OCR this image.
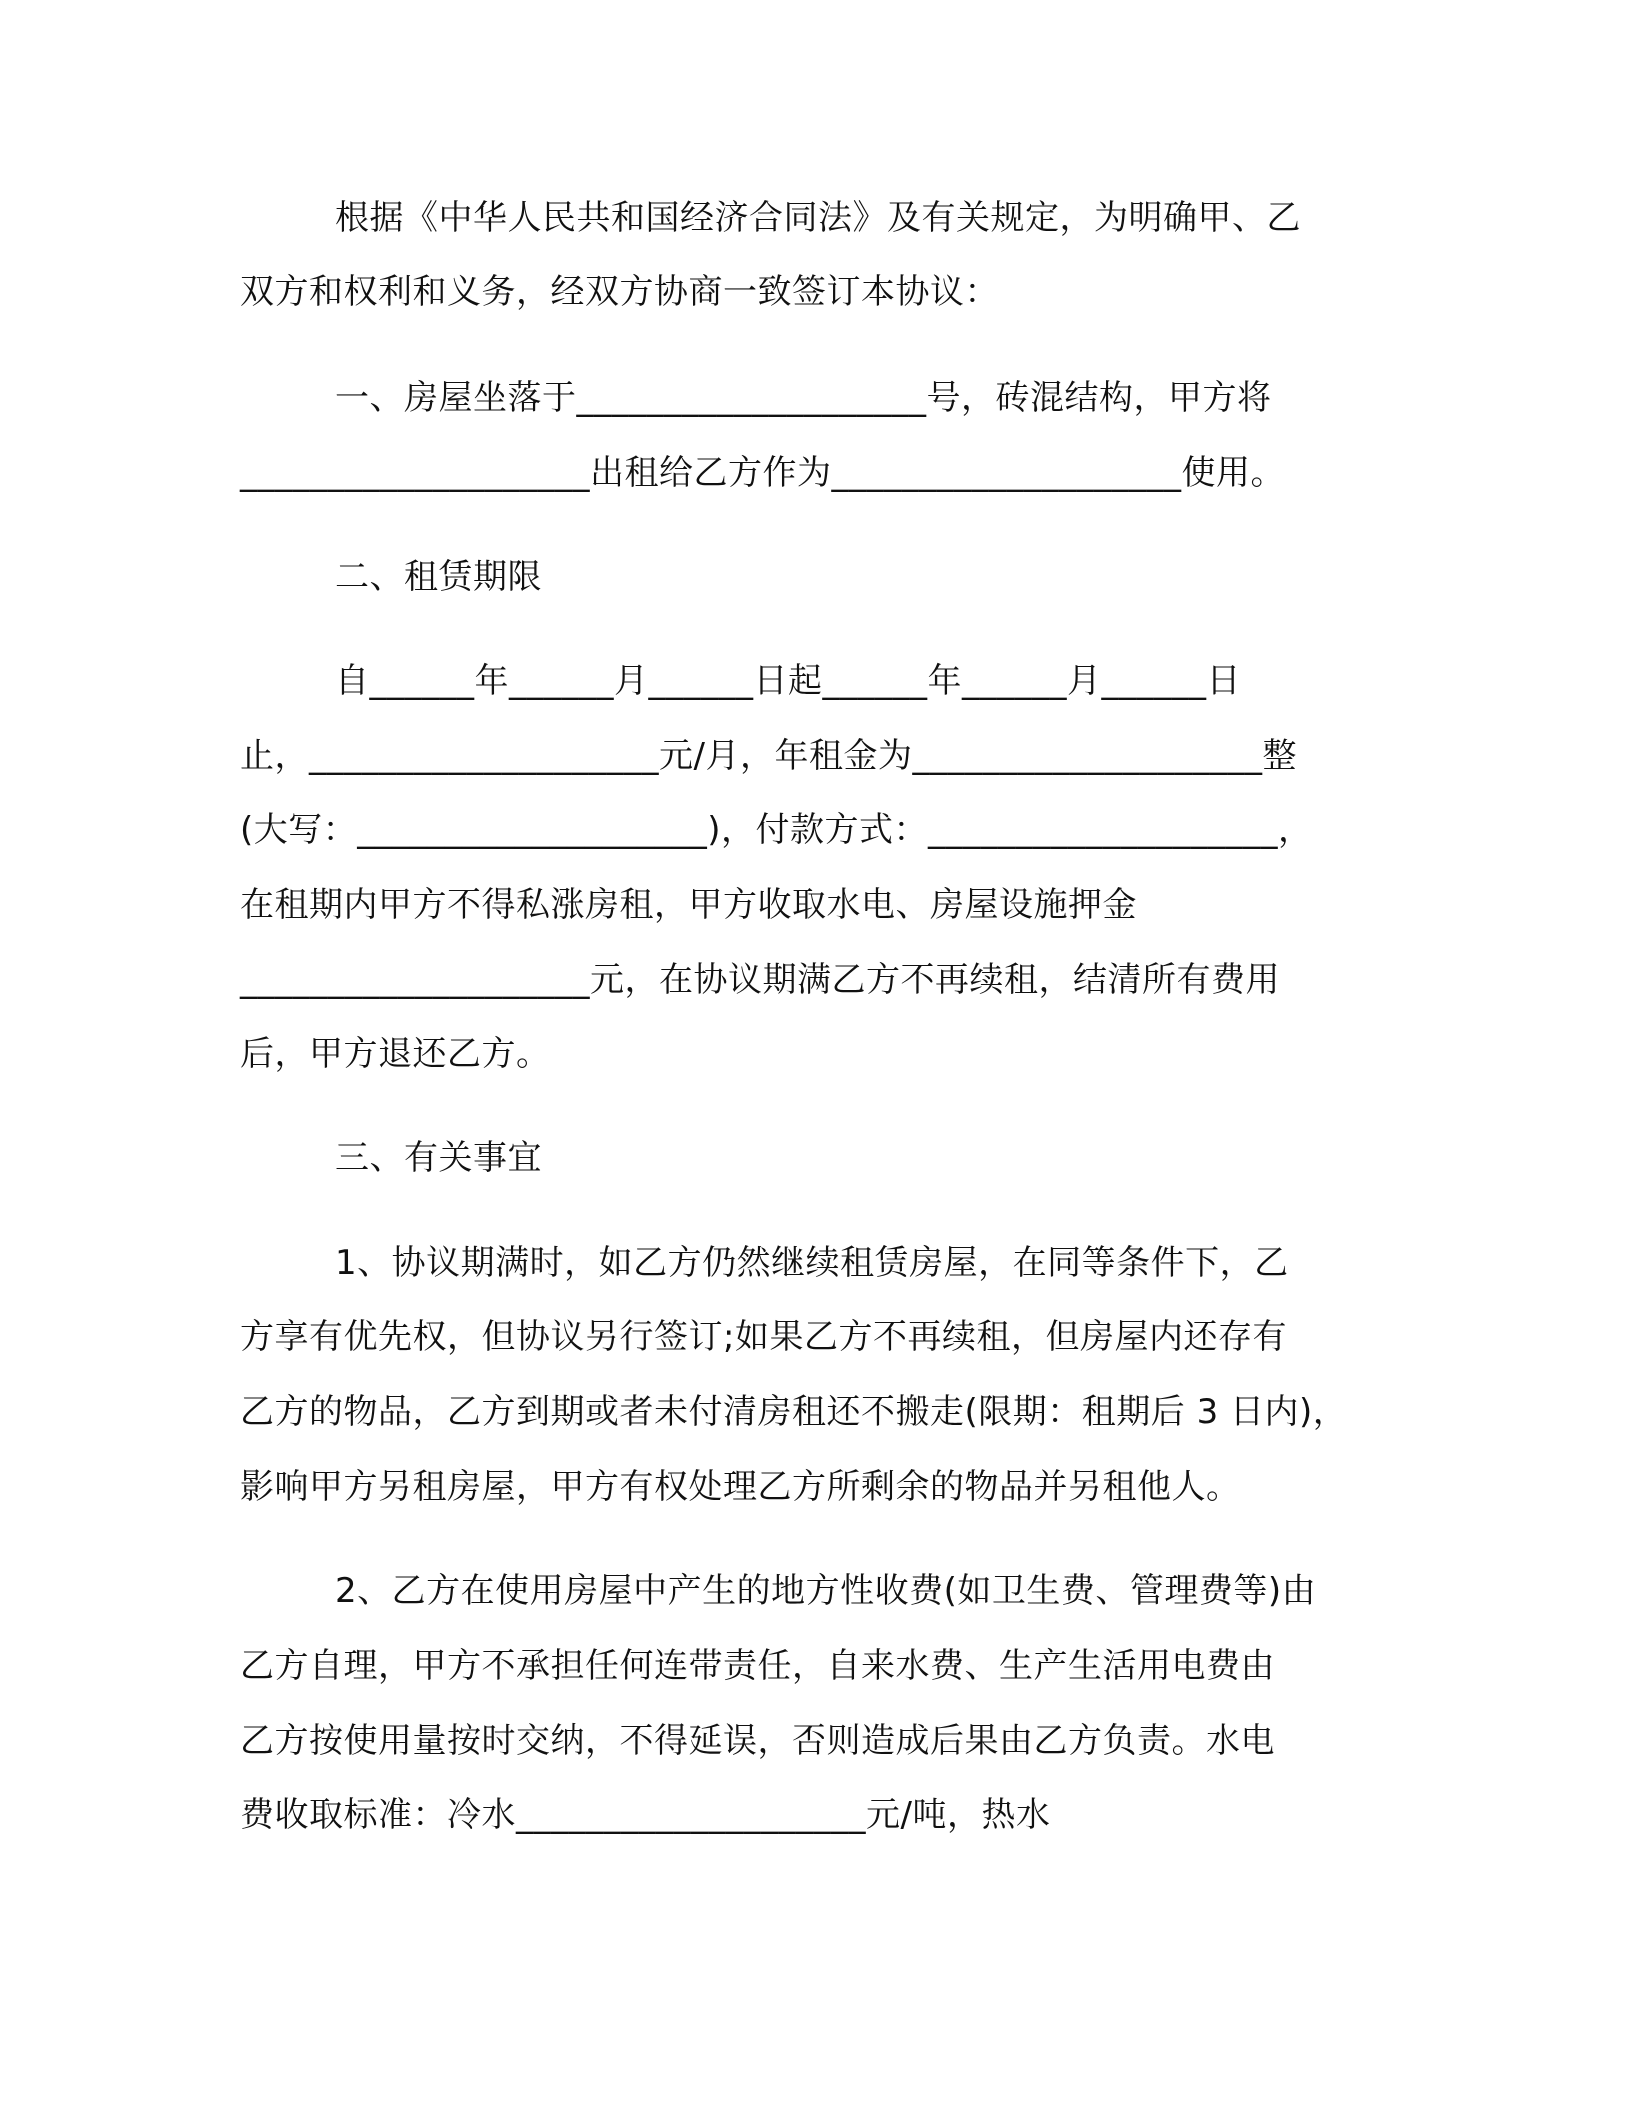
根据《中华人民共和国经济合同法》及有关规定，为明确甲、乙

双方和权利和义务，经双方协商一致签订本协议：

一、房屋坐落于____________________号，砖混结构，甲方将

____________________出租给乙方作为____________________使用。

二、租赁期限

自______年______月______日起______年______月______日

止，____________________元/月，年租金为____________________整

(大写：____________________)，付款方式：____________________，

在租期内甲方不得私涨房租，甲方收取水电、房屋设施押金

____________________元，在协议期满乙方不再续租，结清所有费用

后，甲方退还乙方。

三、有关事宜

1、协议期满时，如乙方仍然继续租赁房屋，在同等条件下，乙

方享有优先权，但协议另行签订;如果乙方不再续租，但房屋内还存有

乙方的物品，乙方到期或者未付清房租还不搬走(限期：租期后 3 日内)，

影响甲方另租房屋，甲方有权处理乙方所剩余的物品并另租他人。

2、乙方在使用房屋中产生的地方性收费(如卫生费、管理费等)由

乙方自理，甲方不承担任何连带责任，自来水费、生产生活用电费由

乙方按使用量按时交纳，不得延误，否则造成后果由乙方负责。水电

费收取标准：冷水____________________元/吨，热水
